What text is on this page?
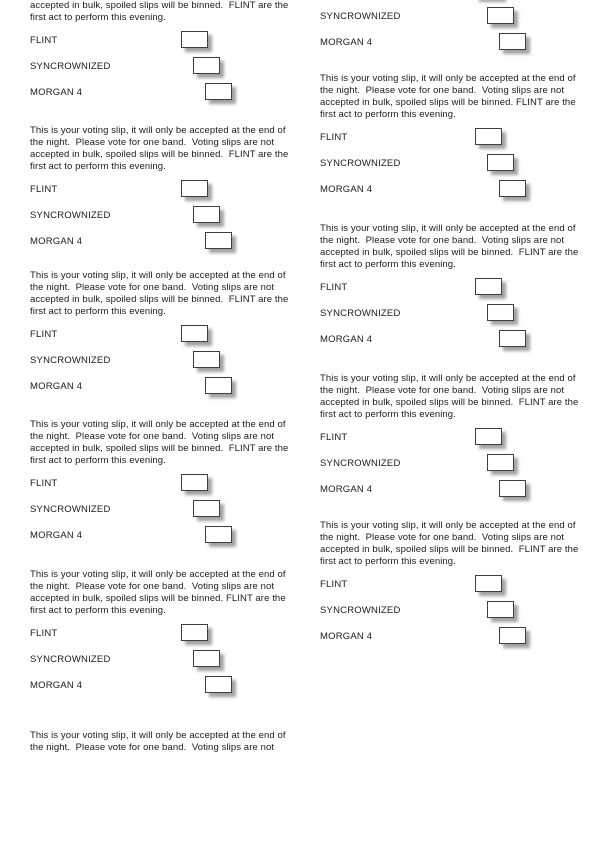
accepted in bulk, spoiled slips will be binned.  FLINT are the
first act to perform this evening.
FLINT
SYNCROWNIZED
MORGAN 4
This is your voting slip, it will only be accepted at the end of
the night.  Please vote for one band.  Voting slips are not
accepted in bulk, spoiled slips will be binned.  FLINT are the
first act to perform this evening.
FLINT
SYNCROWNIZED
MORGAN 4
This is your voting slip, it will only be accepted at the end of
the night.  Please vote for one band.  Voting slips are not
accepted in bulk, spoiled slips will be binned.  FLINT are the
first act to perform this evening.
FLINT
SYNCROWNIZED
MORGAN 4
This is your voting slip, it will only be accepted at the end of
the night.  Please vote for one band.  Voting slips are not
accepted in bulk, spoiled slips will be binned.  FLINT are the
first act to perform this evening.
FLINT
SYNCROWNIZED
MORGAN 4
This is your voting slip, it will only be accepted at the end of
the night.  Please vote for one band.  Voting slips are not
accepted in bulk, spoiled slips will be binned. FLINT are the
first act to perform this evening.
FLINT
SYNCROWNIZED
MORGAN 4
This is your voting slip, it will only be accepted at the end of
the night.  Please vote for one band.  Voting slips are not
SYNCROWNIZED
MORGAN 4
This is your voting slip, it will only be accepted at the end of
the night.  Please vote for one band.  Voting slips are not
accepted in bulk, spoiled slips will be binned. FLINT are the
first act to perform this evening.
FLINT
SYNCROWNIZED
MORGAN 4
This is your voting slip, it will only be accepted at the end of
the night.  Please vote for one band.  Voting slips are not
accepted in bulk, spoiled slips will be binned.  FLINT are the
first act to perform this evening.
FLINT
SYNCROWNIZED
MORGAN 4
This is your voting slip, it will only be accepted at the end of
the night.  Please vote for one band.  Voting slips are not
accepted in bulk, spoiled slips will be binned.  FLINT are the
first act to perform this evening.
FLINT
SYNCROWNIZED
MORGAN 4
This is your voting slip, it will only be accepted at the end of
the night.  Please vote for one band.  Voting slips are not
accepted in bulk, spoiled slips will be binned.  FLINT are the
first act to perform this evening.
FLINT
SYNCROWNIZED
MORGAN 4
